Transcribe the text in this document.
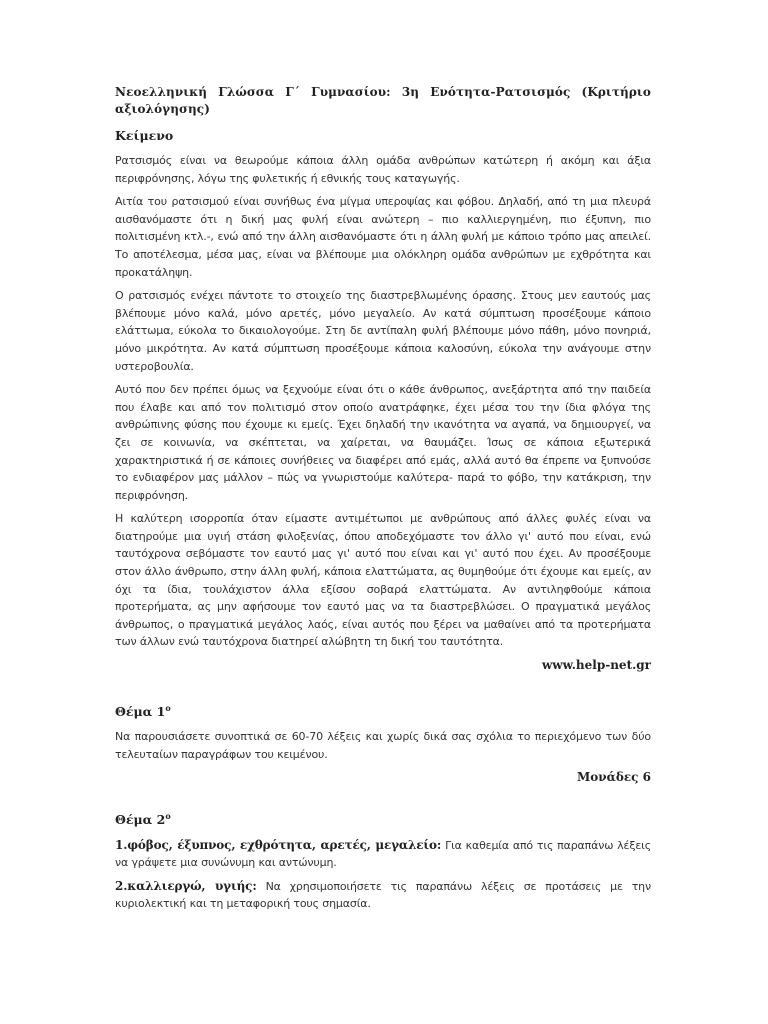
Νεοελληνική Γλώσσα Γ΄ Γυμνασίου: 3η Ενότητα-Ρατσισμός (Κριτήριο
αξιολόγησης)
Κείμενο

Ρατσισμός είναι να θεωρούμε κάποια άλλη ομάδα ανθρώπων κατώτερη ή ακόμη και άξια περιφρόνησης, λόγω της φυλετικής ή εθνικής τους καταγωγής.

Αιτία του ρατσισμού είναι συνήθως ένα μίγμα υπεροψίας και φόβου. Δηλαδή, από τη μια πλευρά αισθανόμαστε ότι η δική μας φυλή είναι ανώτερη – πιο καλλιεργημένη, πιο έξυπνη, πιο πολιτισμένη κτλ.-, ενώ από την άλλη αισθανόμαστε ότι η άλλη φυλή με κάποιο τρόπο μας απειλεί. Το αποτέλεσμα, μέσα μας, είναι να βλέπουμε μια ολόκληρη ομάδα ανθρώπων με εχθρότητα και προκατάληψη.

Ο ρατσισμός ενέχει πάντοτε το στοιχείο της διαστρεβλωμένης όρασης. Στους μεν εαυτούς μας βλέπουμε μόνο καλά, μόνο αρετές, μόνο μεγαλείο. Αν κατά σύμπτωση προσέξουμε κάποιο ελάττωμα, εύκολα το δικαιολογούμε. Στη δε αντίπαλη φυλή βλέπουμε μόνο πάθη, μόνο πονηριά, μόνο μικρότητα. Αν κατά σύμπτωση προσέξουμε κάποια καλοσύνη, εύκολα την ανάγουμε στην υστεροβουλία.

Αυτό που δεν πρέπει όμως να ξεχνούμε είναι ότι ο κάθε άνθρωπος, ανεξάρτητα από την παιδεία που έλαβε και από τον πολιτισμό στον οποίο ανατράφηκε, έχει μέσα του την ίδια φλόγα της ανθρώπινης φύσης που έχουμε κι εμείς. Έχει δηλαδή την ικανότητα να αγαπά, να δημιουργεί, να ζει σε κοινωνία, να σκέπτεται, να χαίρεται, να θαυμάζει. Ίσως σε κάποια εξωτερικά χαρακτηριστικά ή σε κάποιες συνήθειες να διαφέρει από εμάς, αλλά αυτό θα έπρεπε να ξυπνούσε το ενδιαφέρον μας μάλλον – πώς να γνωριστούμε καλύτερα- παρά το φόβο, την κατάκριση, την περιφρόνηση.

Η καλύτερη ισορροπία όταν είμαστε αντιμέτωποι με ανθρώπους από άλλες φυλές είναι να διατηρούμε μια υγιή στάση φιλοξενίας, όπου αποδεχόμαστε τον άλλο γι' αυτό που είναι, ενώ ταυτόχρονα σεβόμαστε τον εαυτό μας γι' αυτό που είναι και γι' αυτό που έχει. Αν προσέξουμε στον άλλο άνθρωπο, στην άλλη φυλή, κάποια ελαττώματα, ας θυμηθούμε ότι έχουμε και εμείς, αν όχι τα ίδια, τουλάχιστον άλλα εξίσου σοβαρά ελαττώματα. Αν αντιληφθούμε κάποια προτερήματα, ας μην αφήσουμε τον εαυτό μας να τα διαστρεβλώσει. Ο πραγματικά μεγάλος άνθρωπος, ο πραγματικά μεγάλος λαός, είναι αυτός που ξέρει να μαθαίνει από τα προτερήματα των άλλων ενώ ταυτόχρονα διατηρεί αλώβητη τη δική του ταυτότητα.

www.help-net.gr
Θέμα $1^o$

Να παρουσιάσετε συνοπτικά σε 60-70 λέξεις και χωρίς δικά σας σχόλια το περιεχόμενο των δύο τελευταίων παραγράφων του κειμένου.

Μονάδες 6
Θέμα $2^o$

1.φόβος, έξυπνος, εχθρότητα, αρετές, μεγαλείο: Για καθεμία από τις παραπάνω λέξεις να γράψετε μια συνώνυμη και αντώνυμη.

2.καλλιεργώ, υγιής: Να χρησιμοποιήσετε τις παραπάνω λέξεις σε προτάσεις με την κυριολεκτική και τη μεταφορική τους σημασία.
